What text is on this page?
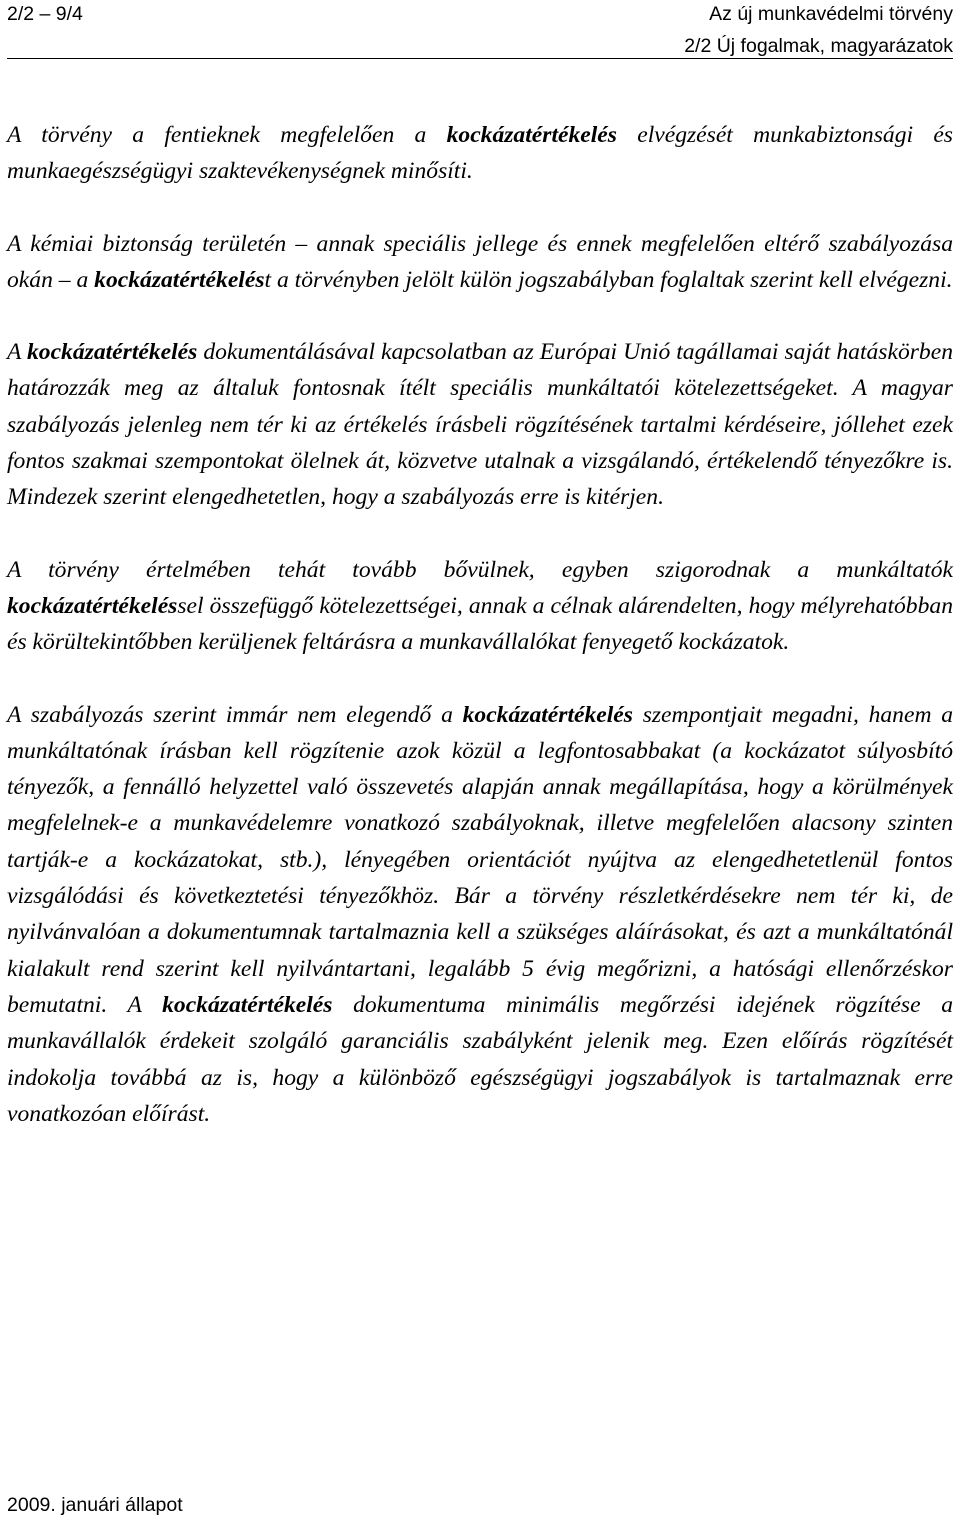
2/2 – 9/4	Az új munkavédelmi törvény
2/2 Új fogalmak, magyarázatok

A törvény a fentieknek megfelelően a kockázatértékelés elvégzését munkabiztonsági és munkaegészségügyi szaktevékenységnek minősíti.

A kémiai biztonság területén – annak speciális jellege és ennek megfelelően eltérő szabályozása okán – a kockázatértékelést a törvényben jelölt külön jogszabályban foglaltak szerint kell elvégezni.

A kockázatértékelés dokumentálásával kapcsolatban az Európai Unió tagállamai saját hatáskörben határozzák meg az általuk fontosnak ítélt speciális munkáltatói kötelezettségeket. A magyar szabályozás jelenleg nem tér ki az értékelés írásbeli rögzítésének tartalmi kérdéseire, jóllehet ezek fontos szakmai szempontokat ölelnek át, közvetve utalnak a vizsgálandó, értékelendő tényezőkre is. Mindezek szerint elengedhetetlen, hogy a szabályozás erre is kitérjen.

A törvény értelmében tehát tovább bővülnek, egyben szigorodnak a munkáltatók kockázatértékeléssel összefüggő kötelezettségei, annak a célnak alárendelten, hogy mélyrehatóbban és körültekintőbben kerüljenek feltárásra a munkavállalókat fenyegető kockázatok.

A szabályozás szerint immár nem elegendő a kockázatértékelés szempontjait megadni, hanem a munkáltatónak írásban kell rögzítenie azok közül a legfontosabbakat (a kockázatot súlyosbító tényezők, a fennálló helyzettel való összevetés alapján annak megállapítása, hogy a körülmények megfelelnek-e a munkavédelemre vonatkozó szabályoknak, illetve megfelelően alacsony szinten tartják-e a kockázatokat, stb.), lényegében orientációt nyújtva az elengedhetetlenül fontos vizsgálódási és következtetési tényezőkhöz. Bár a törvény részletkérdésekre nem tér ki, de nyilvánvalóan a dokumentumnak tartalmaznia kell a szükséges aláírásokat, és azt a munkáltatónál kialakult rend szerint kell nyilvántartani, legalább 5 évig megőrizni, a hatósági ellenőrzéskor bemutatni. A kockázatértékelés dokumentuma minimális megőrzési idejének rögzítése a munkavállalók érdekeit szolgáló garanciális szabályként jelenik meg. Ezen előírás rögzítését indokolja továbbá az is, hogy a különböző egészségügyi jogszabályok is tartalmaznak erre vonatkozóan előírást.

2009. januári állapot
